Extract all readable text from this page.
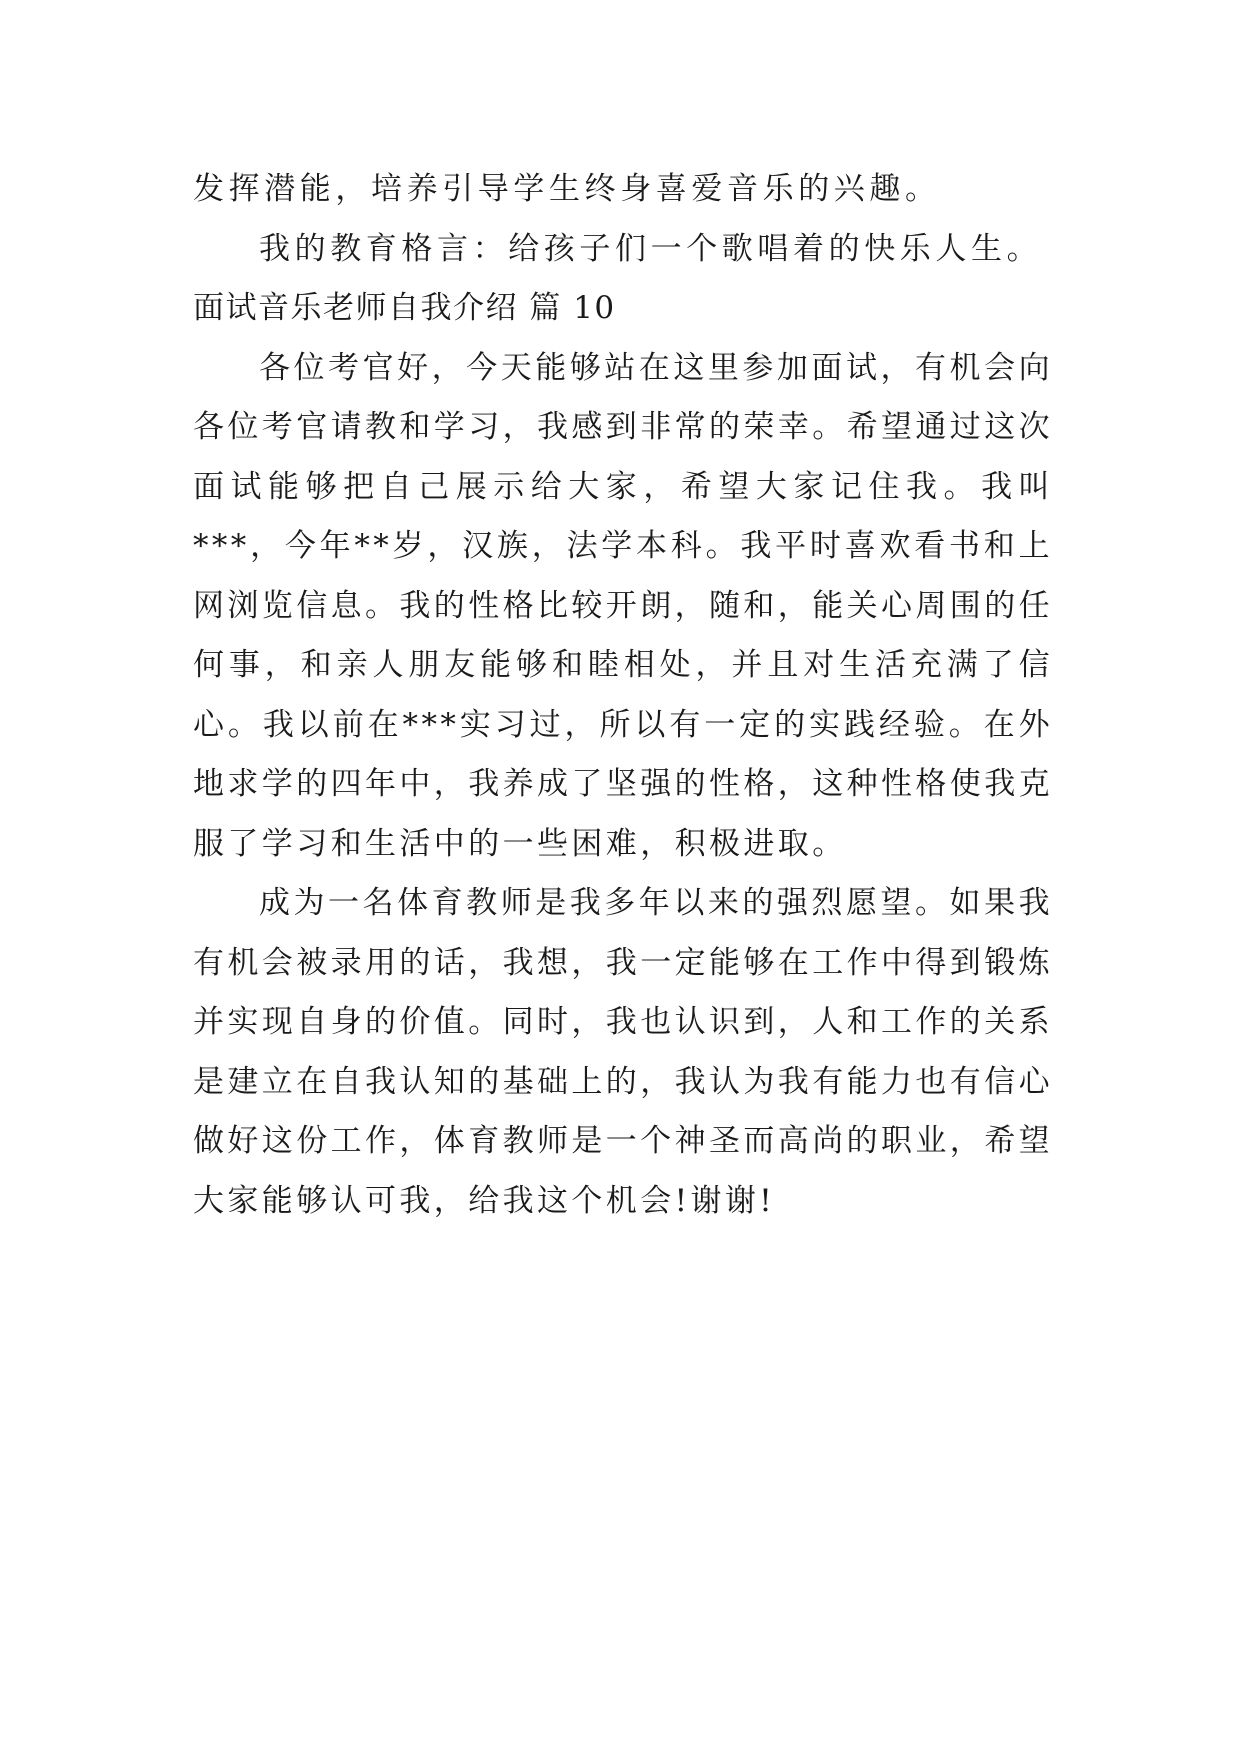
发挥潜能，培养引导学生终身喜爱音乐的兴趣。

我的教育格言：给孩子们一个歌唱着的快乐人生。

面试音乐老师自我介绍 篇 10

各位考官好，今天能够站在这里参加面试，有机会向各位考官请教和学习，我感到非常的荣幸。希望通过这次面试能够把自己展示给大家，希望大家记住我。我叫***，今年**岁，汉族，法学本科。我平时喜欢看书和上网浏览信息。我的性格比较开朗，随和，能关心周围的任何事，和亲人朋友能够和睦相处，并且对生活充满了信心。我以前在***实习过，所以有一定的实践经验。在外地求学的四年中，我养成了坚强的性格，这种性格使我克服了学习和生活中的一些困难，积极进取。

成为一名体育教师是我多年以来的强烈愿望。如果我有机会被录用的话，我想，我一定能够在工作中得到锻炼并实现自身的价值。同时，我也认识到，人和工作的关系是建立在自我认知的基础上的，我认为我有能力也有信心做好这份工作，体育教师是一个神圣而高尚的职业，希望大家能够认可我，给我这个机会!谢谢!
